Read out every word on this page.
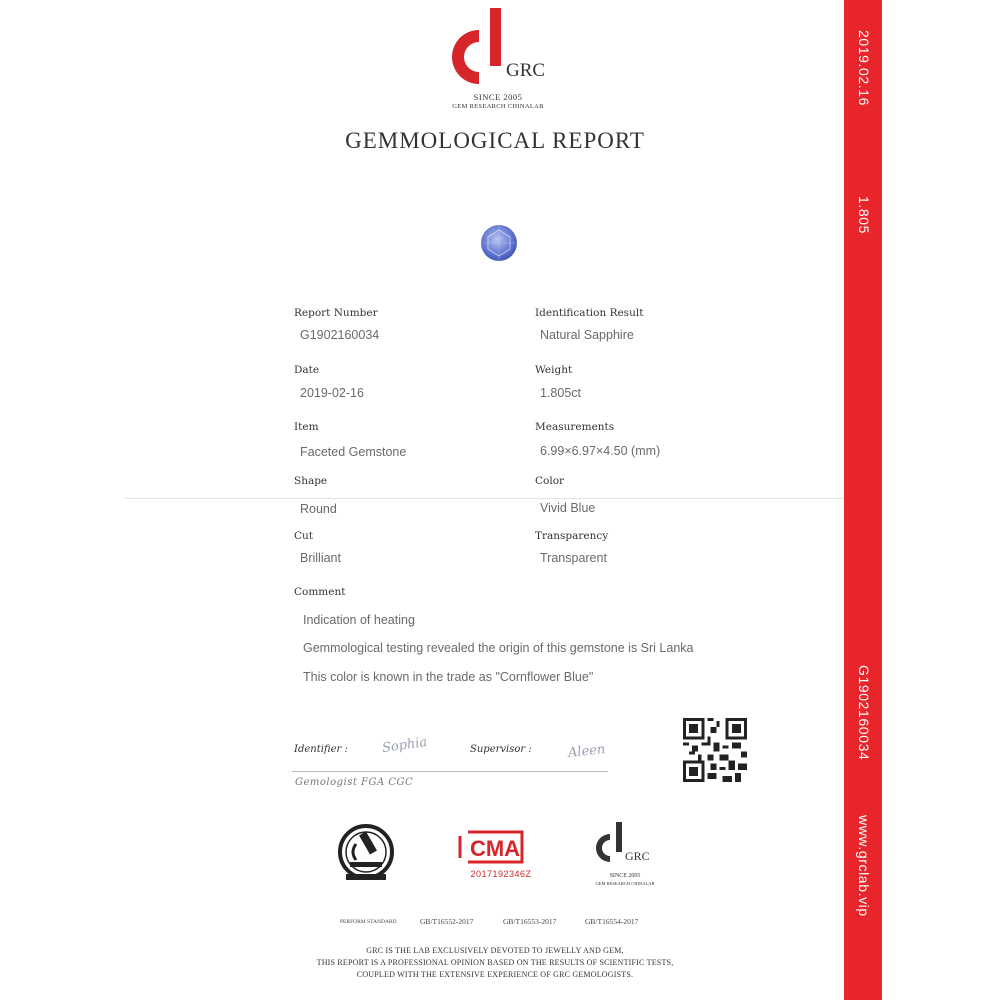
GRC
SINCE 2005
GEM RESEARCH CHINALAB
GEMMOLOGICAL REPORT
Report Number
G1902160034
Identification Result
Natural Sapphire
Date
2019-02-16
Weight
1.805ct
Item
Faceted Gemstone
Measurements
6.99×6.97×4.50 (mm)
Shape
Round
Color
Vivid Blue
Cut
Brilliant
Transparency
Transparent
Comment
Indication of heating
Gemmological testing revealed the origin of this gemstone is Sri Lanka
This color is known in the trade as "Cornflower Blue"
Identifier :	Sophia	Supervisor :	Aleen
Gemologist FGA CGC
CMA
2017192346Z
GRC
SINCE 2005
GEM RESEARCH CHINALAB
PERFORM STANDARD	GB/T16552-2017	GB/T16553-2017	GB/T16554-2017
GRC IS THE LAB EXCLUSIVELY DEVOTED TO JEWELLY AND GEM,
THIS REPORT IS A PROFESSIONAL OPINION BASED ON THE RESULTS OF SCIENTIFIC TESTS,
COUPLED WITH THE EXTENSIVE EXPERIENCE OF GRC GEMOLOGISTS.
2019.02.16
1.805
G1902160034
www.grclab.vip
